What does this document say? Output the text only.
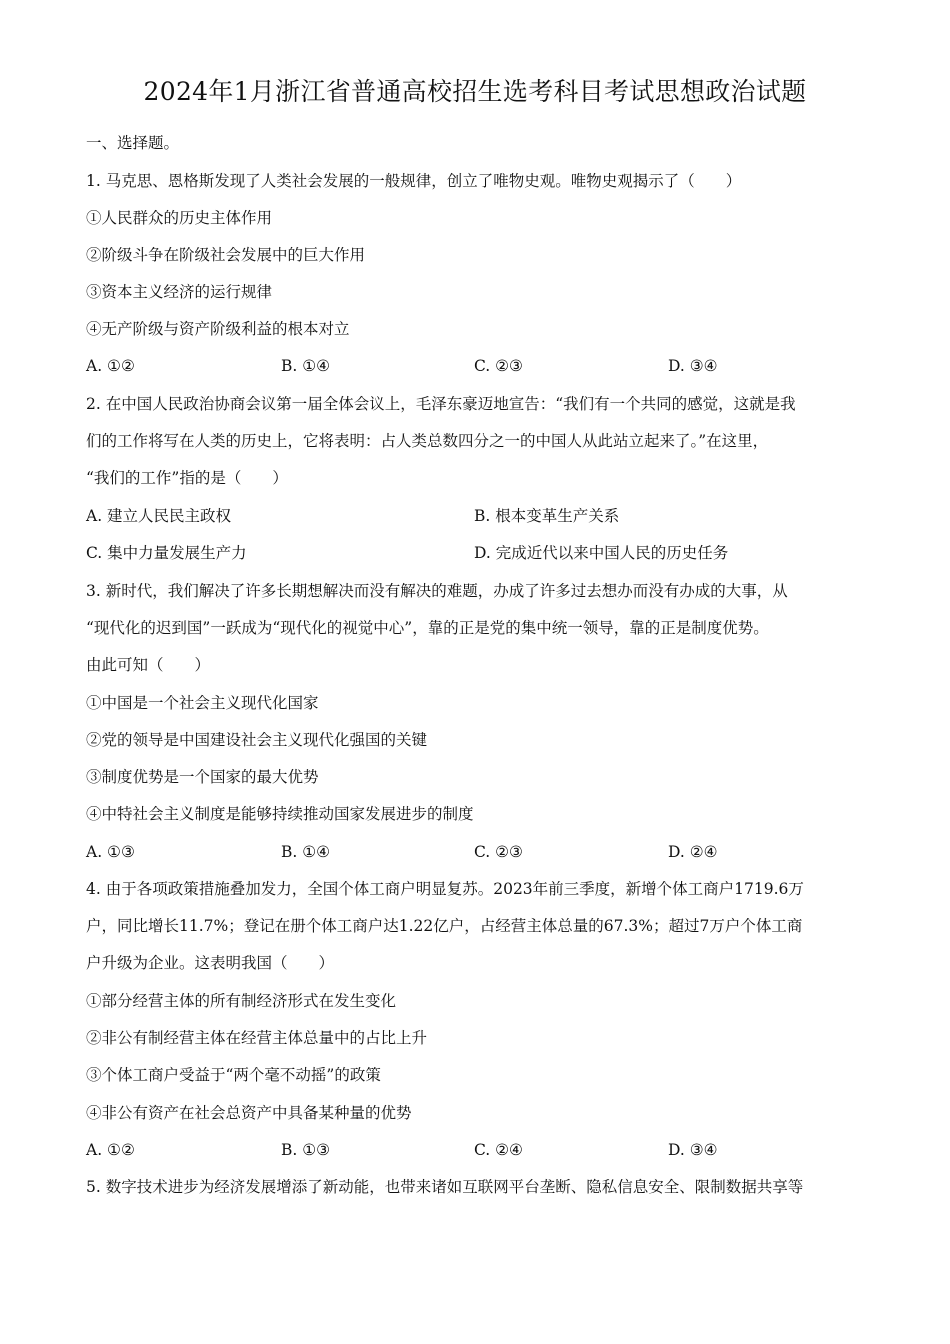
2024年1月浙江省普通高校招生选考科目考试思想政治试题
一、选择题。
1. 马克思、恩格斯发现了人类社会发展的一般规律，创立了唯物史观。唯物史观揭示了（　　）
①人民群众的历史主体作用
②阶级斗争在阶级社会发展中的巨大作用
③资本主义经济的运行规律
④无产阶级与资产阶级利益的根本对立
A. ①②	B. ①④	C. ②③	D. ③④
2. 在中国人民政治协商会议第一届全体会议上，毛泽东豪迈地宣告：“我们有一个共同的感觉，这就是我
们的工作将写在人类的历史上，它将表明：占人类总数四分之一的中国人从此站立起来了。”在这里，
“我们的工作”指的是（　　）
A. 建立人民民主政权	B. 根本变革生产关系
C. 集中力量发展生产力	D. 完成近代以来中国人民的历史任务
3. 新时代，我们解决了许多长期想解决而没有解决的难题，办成了许多过去想办而没有办成的大事，从
“现代化的迟到国”一跃成为“现代化的视觉中心”，靠的正是党的集中统一领导，靠的正是制度优势。
由此可知（　　）
①中国是一个社会主义现代化国家
②党的领导是中国建设社会主义现代化强国的关键
③制度优势是一个国家的最大优势
④中特社会主义制度是能够持续推动国家发展进步的制度
A. ①③	B. ①④	C. ②③	D. ②④
4. 由于各项政策措施叠加发力，全国个体工商户明显复苏。2023年前三季度，新增个体工商户1719.6万
户，同比增长11.7%；登记在册个体工商户达1.22亿户，占经营主体总量的67.3%；超过7万户个体工商
户升级为企业。这表明我国（　　）
①部分经营主体的所有制经济形式在发生变化
②非公有制经营主体在经营主体总量中的占比上升
③个体工商户受益于“两个毫不动摇”的政策
④非公有资产在社会总资产中具备某种量的优势
A. ①②	B. ①③	C. ②④	D. ③④
5. 数字技术进步为经济发展增添了新动能，也带来诸如互联网平台垄断、隐私信息安全、限制数据共享等
